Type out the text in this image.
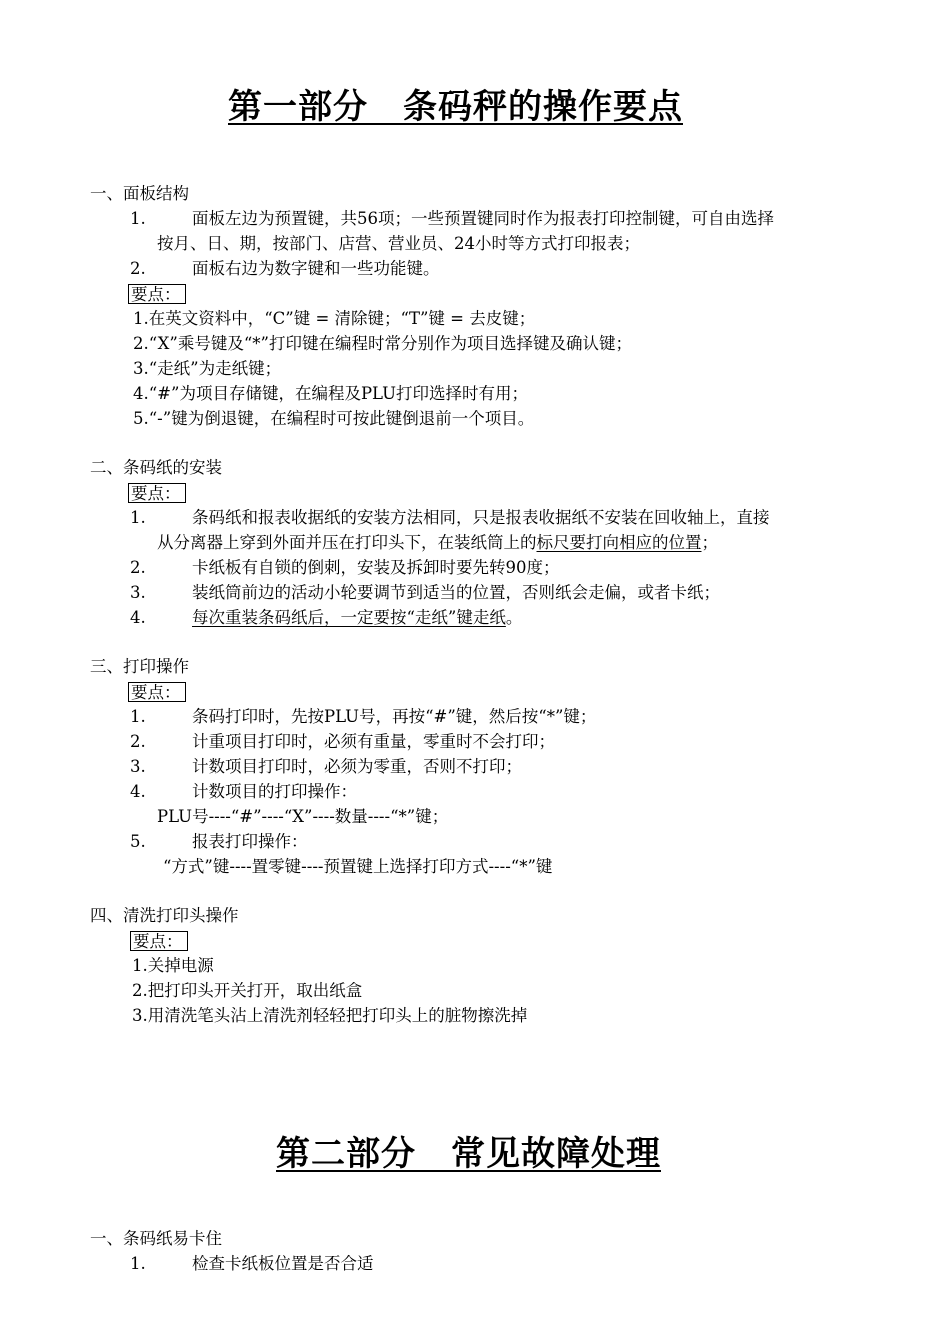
第一部分　条码秤的操作要点
一、面板结构
1.	面板左边为预置键，共56项；一些预置键同时作为报表打印控制键，可自由选择
按月、日、期，按部门、店营、营业员、24小时等方式打印报表；
2.	面板右边为数字键和一些功能键。
要点：
1.在英文资料中，“C”键 = 清除键；“T”键 = 去皮键；
2.“X”乘号键及“*”打印键在编程时常分别作为项目选择键及确认键；
3.“走纸”为走纸键；
4.“#”为项目存储键，在编程及PLU打印选择时有用；
5.“-”键为倒退键，在编程时可按此键倒退前一个项目。
二、条码纸的安装
要点：
1.	条码纸和报表收据纸的安装方法相同，只是报表收据纸不安装在回收轴上，直接
从分离器上穿到外面并压在打印头下，在装纸筒上的标尺要打向相应的位置；
2.	卡纸板有自锁的倒刺，安装及拆卸时要先转90度；
3.	装纸筒前边的活动小轮要调节到适当的位置，否则纸会走偏，或者卡纸；
4.	每次重装条码纸后，一定要按“走纸”键走纸。
三、打印操作
要点：
1.	条码打印时，先按PLU号，再按“#”键，然后按“*”键；
2.	计重项目打印时，必须有重量，零重时不会打印；
3.	计数项目打印时，必须为零重，否则不打印；
4.	计数项目的打印操作：
PLU号----“#”----“X”----数量----“*”键；
5.	报表打印操作：
“方式”键----置零键----预置键上选择打印方式----“*”键
四、清洗打印头操作
要点：
1.关掉电源
2.把打印头开关打开，取出纸盒
3.用清洗笔头沾上清洗剂轻轻把打印头上的脏物擦洗掉
第二部分　常见故障处理
一、条码纸易卡住
1.	检查卡纸板位置是否合适
